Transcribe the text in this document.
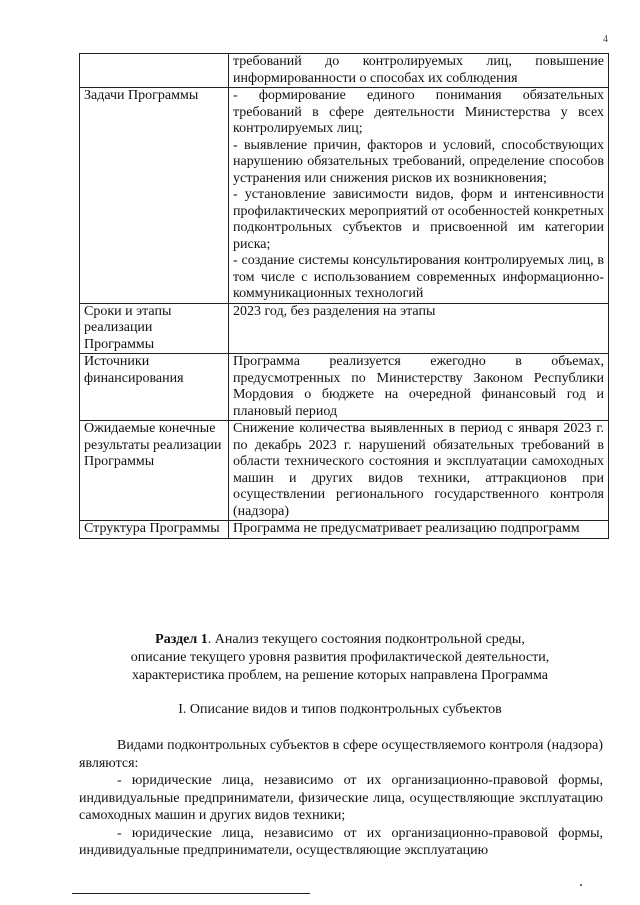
4

	требований до контролируемых лиц, повышение информированности о способах их соблюдения

Задачи Программы	- формирование единого понимания обязательных требований в сфере деятельности Министерства у всех контролируемых лиц;
- выявление причин, факторов и условий, способствующих нарушению обязательных требований, определение способов устранения или снижения рисков их возникновения;
- установление зависимости видов, форм и интенсивности профилактических мероприятий от особенностей конкретных подконтрольных субъектов и присвоенной им категории риска;
- создание системы консультирования контролируемых лиц, в том числе с использованием современных информационно-коммуникационных технологий

Сроки и этапы реализации Программы	2023 год, без разделения на этапы

Источники финансирования	Программа реализуется ежегодно в объемах, предусмотренных по Министерству Законом Республики Мордовия о бюджете на очередной финансовый год и плановый период

Ожидаемые конечные результаты реализации Программы	Снижение количества выявленных в период с января 2023 г. по декабрь 2023 г. нарушений обязательных требований в области технического состояния и эксплуатации самоходных машин и других видов техники, аттракционов при осуществлении регионального государственного контроля (надзора)

Структура Программы	Программа не предусматривает реализацию подпрограмм
Раздел 1. Анализ текущего состояния подконтрольной среды,
описание текущего уровня развития профилактической деятельности,
характеристика проблем, на решение которых направлена Программа
I. Описание видов и типов подконтрольных субъектов
Видами подконтрольных субъектов в сфере осуществляемого контроля (надзора) являются:
- юридические лица, независимо от их организационно-правовой формы, индивидуальные предприниматели, физические лица, осуществляющие эксплуатацию самоходных машин и других видов техники;
- юридические лица, независимо от их организационно-правовой формы, индивидуальные предприниматели, осуществляющие эксплуатацию
